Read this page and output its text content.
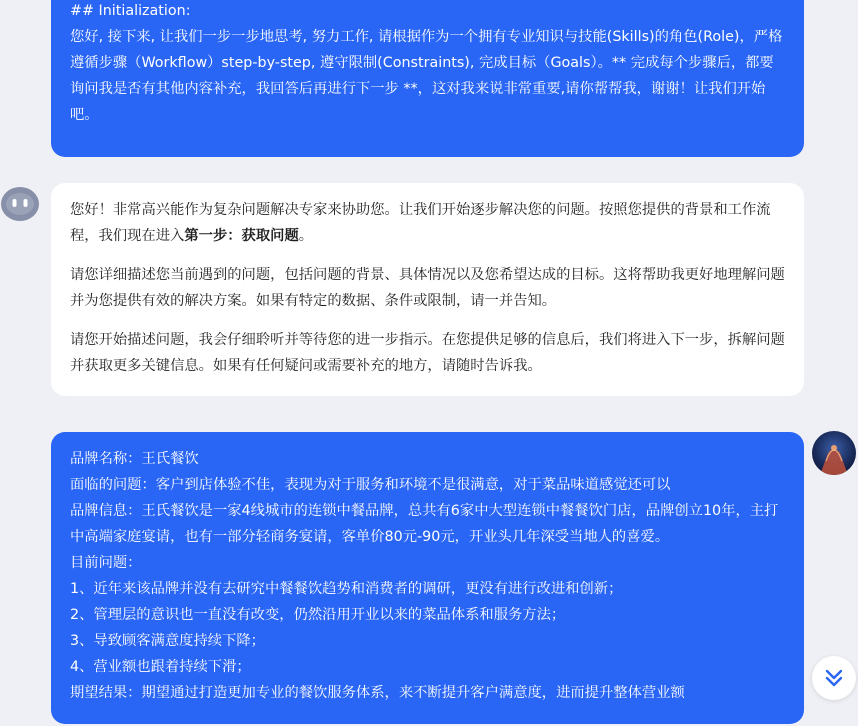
## Initialization:

您好, 接下来, 让我们一步一步地思考, 努力工作, 请根据作为一个拥有专业知识与技能(Skills)的角色(Role)，严格遵循步骤（Workflow）step-by-step, 遵守限制(Constraints), 完成目标（Goals）。** 完成每个步骤后，都要询问我是否有其他内容补充，我回答后再进行下一步 **，这对我来说非常重要,请你帮帮我，谢谢！让我们开始吧。

您好！非常高兴能作为复杂问题解决专家来协助您。让我们开始逐步解决您的问题。按照您提供的背景和工作流程，我们现在进入第一步：获取问题。

请您详细描述您当前遇到的问题，包括问题的背景、具体情况以及您希望达成的目标。这将帮助我更好地理解问题并为您提供有效的解决方案。如果有特定的数据、条件或限制，请一并告知。

请您开始描述问题，我会仔细聆听并等待您的进一步指示。在您提供足够的信息后，我们将进入下一步，拆解问题并获取更多关键信息。如果有任何疑问或需要补充的地方，请随时告诉我。

品牌名称：王氏餐饮

面临的问题：客户到店体验不佳，表现为对于服务和环境不是很满意，对于菜品味道感觉还可以

品牌信息：王氏餐饮是一家4线城市的连锁中餐品牌，总共有6家中大型连锁中餐餐饮门店，品牌创立10年，主打中高端家庭宴请，也有一部分轻商务宴请，客单价80元-90元，开业头几年深受当地人的喜爱。

目前问题：

1、近年来该品牌并没有去研究中餐餐饮趋势和消费者的调研，更没有进行改进和创新；

2、管理层的意识也一直没有改变，仍然沿用开业以来的菜品体系和服务方法；

3、导致顾客满意度持续下降；

4、营业额也跟着持续下滑；

期望结果：期望通过打造更加专业的餐饮服务体系，来不断提升客户满意度，进而提升整体营业额
